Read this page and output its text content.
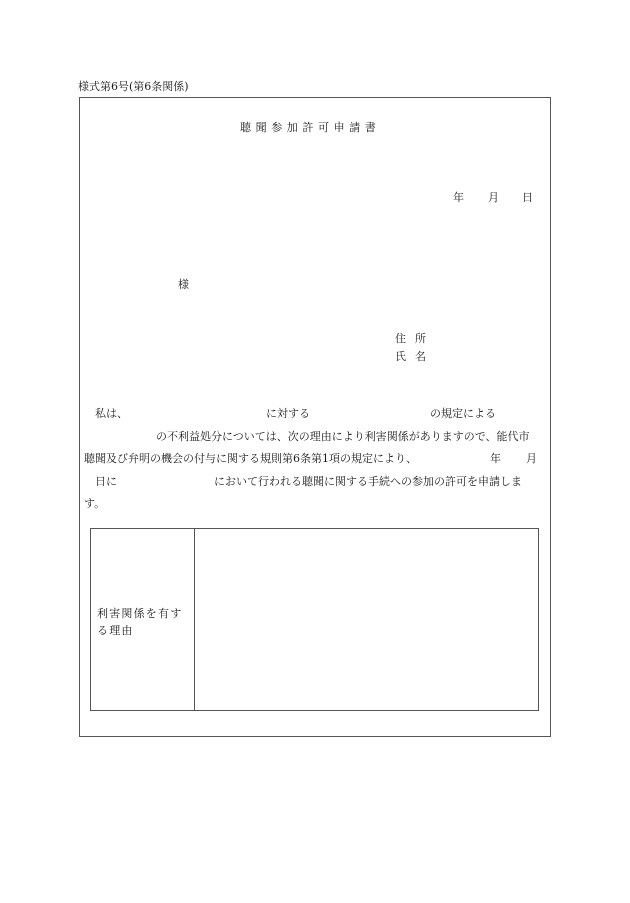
様式第6号(第6条関係)
聴聞参加許可申請書
年 月 日
様
住所
氏名
私は、	に対する	の規定による
の不利益処分については、次の理由により利害関係がありますので、能代市
聴聞及び弁明の機会の付与に関する規則第6条第1項の規定により、	年 月
日に	において行われる聴聞に関する手続への参加の許可を申請しま
す。
利害関係を有する理由
